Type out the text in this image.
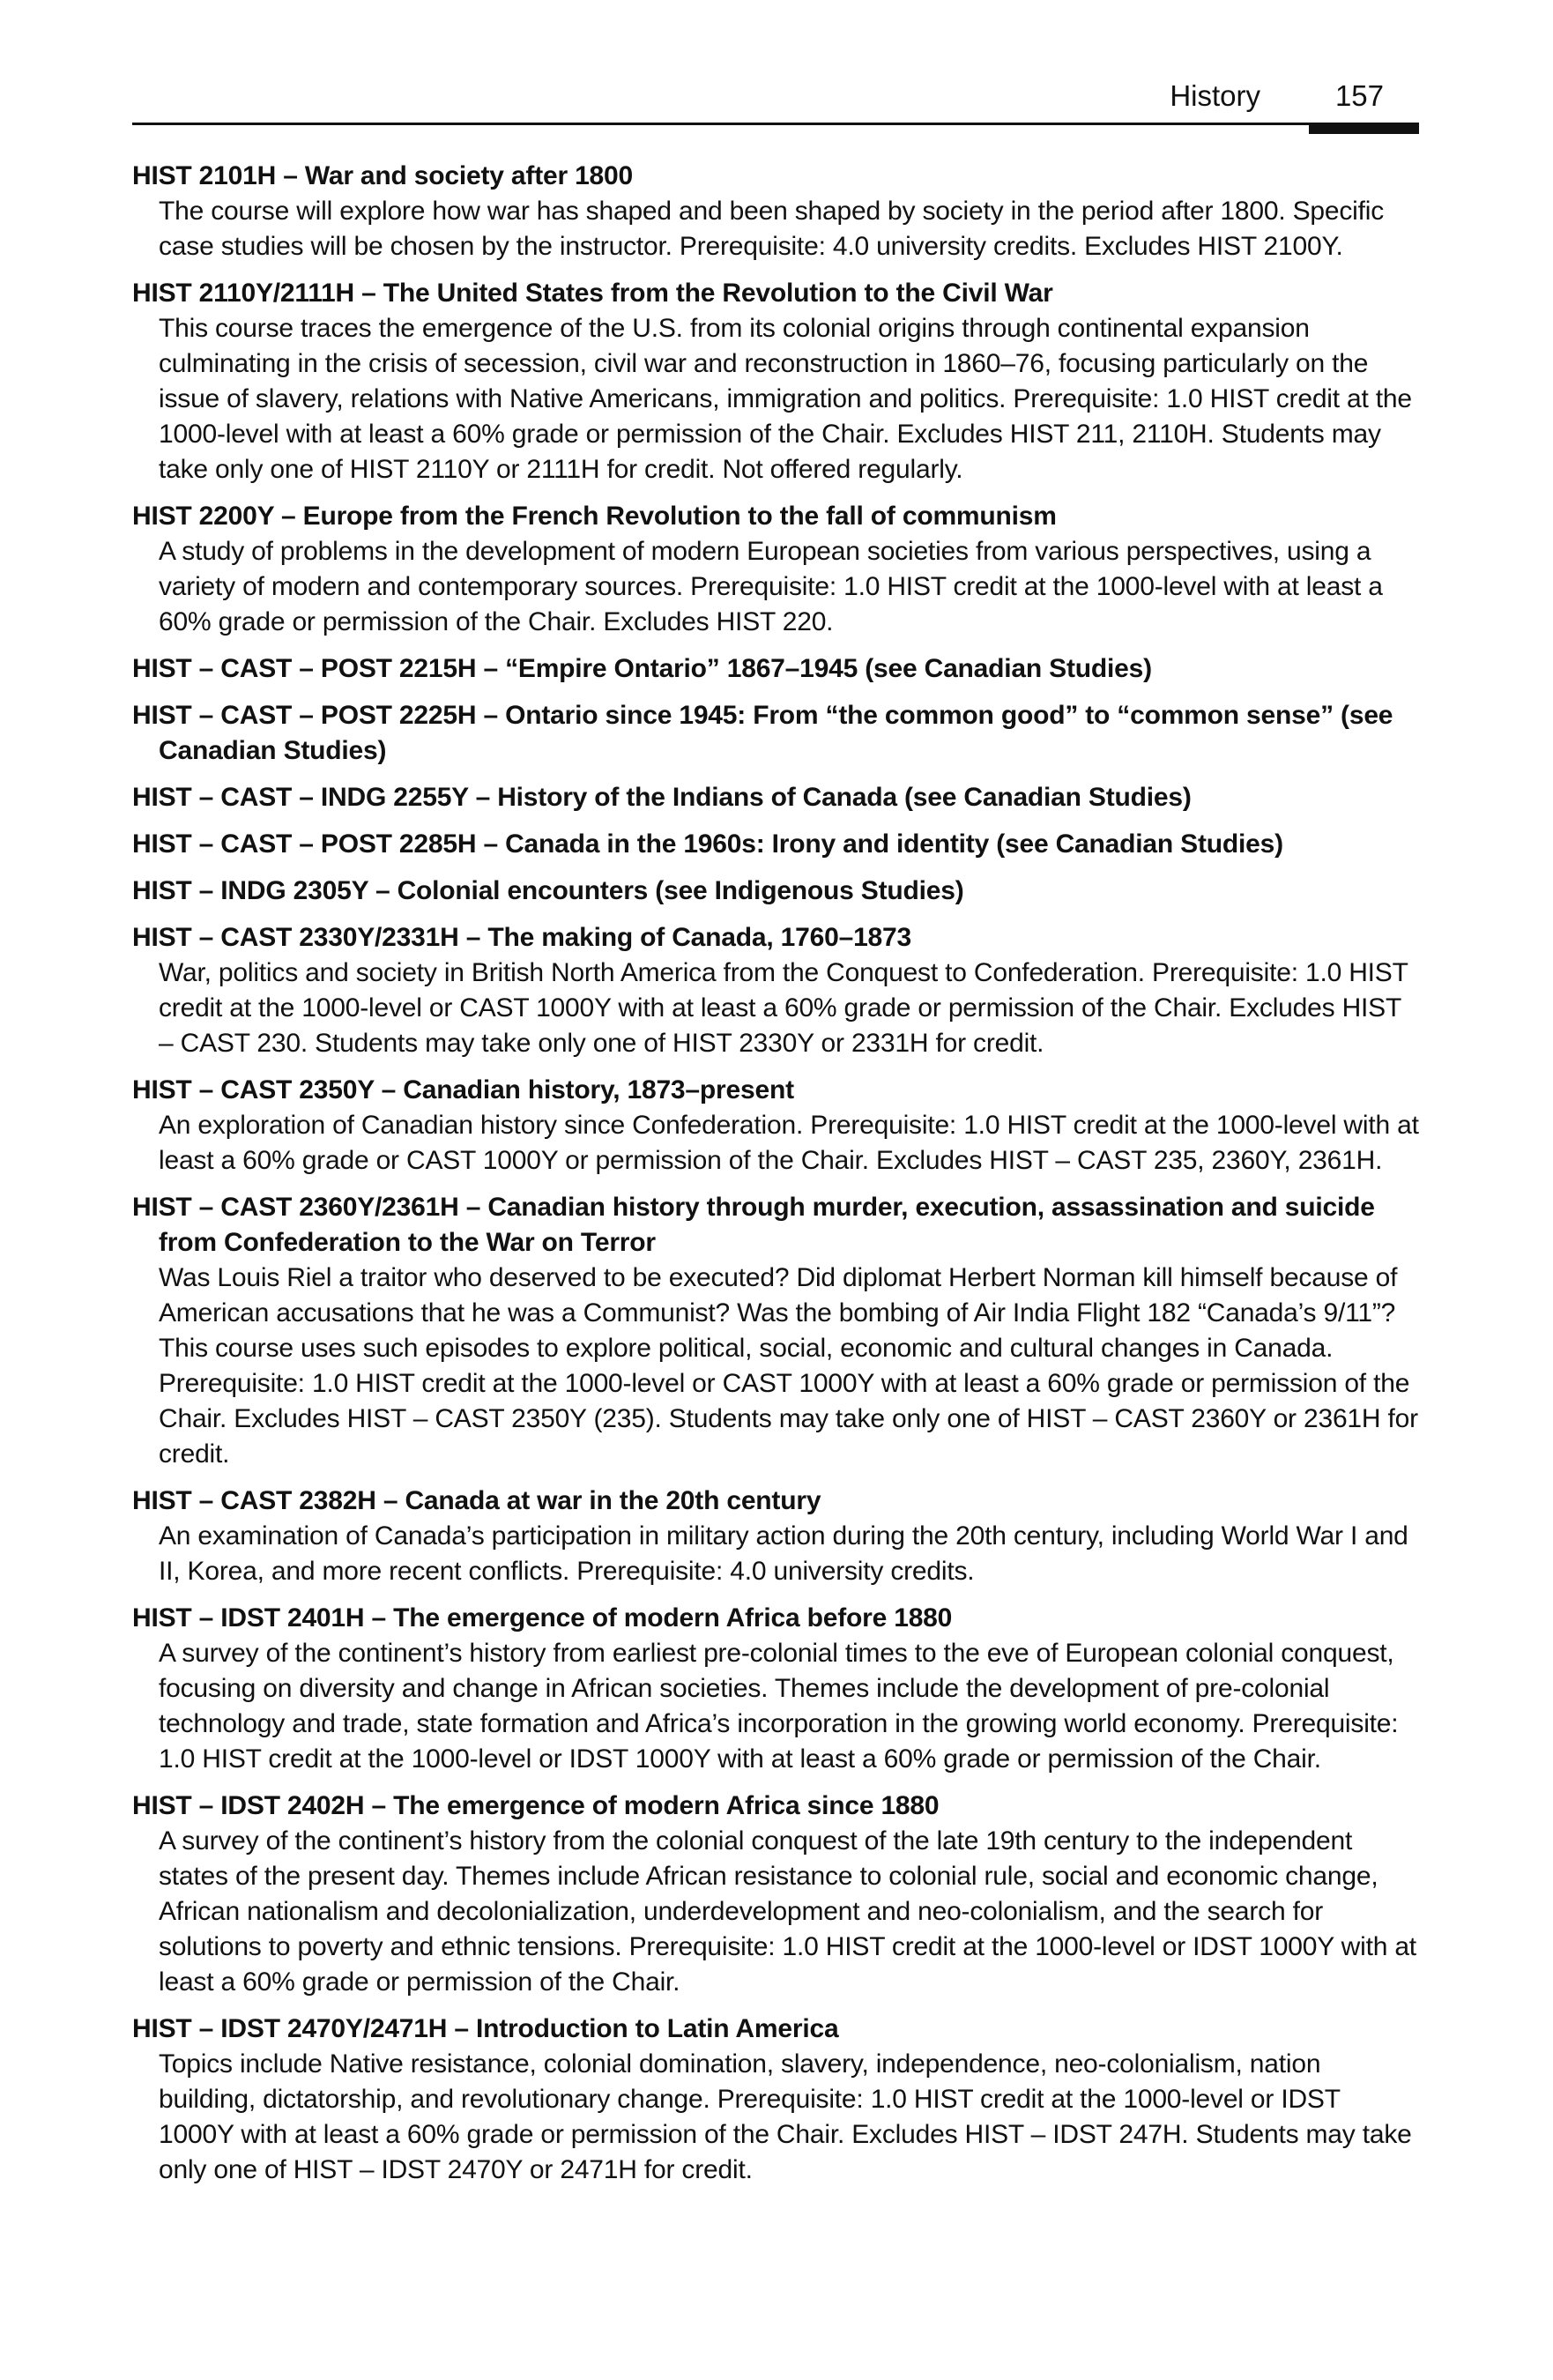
History	157
HIST 2101H – War and society after 1800
The course will explore how war has shaped and been shaped by society in the period after 1800. Specific case studies will be chosen by the instructor. Prerequisite: 4.0 university credits. Excludes HIST 2100Y.
HIST 2110Y/2111H – The United States from the Revolution to the Civil War
This course traces the emergence of the U.S. from its colonial origins through continental expansion culminating in the crisis of secession, civil war and reconstruction in 1860–76, focusing particularly on the issue of slavery, relations with Native Americans, immigration and politics. Prerequisite: 1.0 HIST credit at the 1000-level with at least a 60% grade or permission of the Chair. Excludes HIST 211, 2110H. Students may take only one of HIST 2110Y or 2111H for credit. Not offered regularly.
HIST 2200Y – Europe from the French Revolution to the fall of communism
A study of problems in the development of modern European societies from various perspectives, using a variety of modern and contemporary sources. Prerequisite: 1.0 HIST credit at the 1000-level with at least a 60% grade or permission of the Chair. Excludes HIST 220.
HIST – CAST – POST 2215H – “Empire Ontario” 1867–1945 (see Canadian Studies)
HIST – CAST – POST 2225H – Ontario since 1945: From “the common good” to “common sense” (see Canadian Studies)
HIST – CAST – INDG 2255Y – History of the Indians of Canada (see Canadian Studies)
HIST – CAST – POST 2285H – Canada in the 1960s: Irony and identity (see Canadian Studies)
HIST – INDG 2305Y – Colonial encounters (see Indigenous Studies)
HIST – CAST 2330Y/2331H – The making of Canada, 1760–1873
War, politics and society in British North America from the Conquest to Confederation. Prerequisite: 1.0 HIST credit at the 1000-level or CAST 1000Y with at least a 60% grade or permission of the Chair. Excludes HIST – CAST 230. Students may take only one of HIST 2330Y or 2331H for credit.
HIST – CAST 2350Y – Canadian history, 1873–present
An exploration of Canadian history since Confederation. Prerequisite: 1.0 HIST credit at the 1000-level with at least a 60% grade or CAST 1000Y or permission of the Chair. Excludes HIST – CAST 235, 2360Y, 2361H.
HIST – CAST 2360Y/2361H – Canadian history through murder, execution, assassination and suicide from Confederation to the War on Terror
Was Louis Riel a traitor who deserved to be executed? Did diplomat Herbert Norman kill himself because of American accusations that he was a Communist? Was the bombing of Air India Flight 182 “Canada’s 9/11”? This course uses such episodes to explore political, social, economic and cultural changes in Canada. Prerequisite: 1.0 HIST credit at the 1000-level or CAST 1000Y with at least a 60% grade or permission of the Chair. Excludes HIST – CAST 2350Y (235). Students may take only one of HIST – CAST 2360Y or 2361H for credit.
HIST – CAST 2382H – Canada at war in the 20th century
An examination of Canada’s participation in military action during the 20th century, including World War I and II, Korea, and more recent conflicts. Prerequisite: 4.0 university credits.
HIST – IDST 2401H – The emergence of modern Africa before 1880
A survey of the continent’s history from earliest pre-colonial times to the eve of European colonial conquest, focusing on diversity and change in African societies. Themes include the development of pre-colonial technology and trade, state formation and Africa’s incorporation in the growing world economy. Prerequisite: 1.0 HIST credit at the 1000-level or IDST 1000Y with at least a 60% grade or permission of the Chair.
HIST – IDST 2402H – The emergence of modern Africa since 1880
A survey of the continent’s history from the colonial conquest of the late 19th century to the independent states of the present day. Themes include African resistance to colonial rule, social and economic change, African nationalism and decolonialization, underdevelopment and neo-colonialism, and the search for solutions to poverty and ethnic tensions. Prerequisite: 1.0 HIST credit at the 1000-level or IDST 1000Y with at least a 60% grade or permission of the Chair.
HIST – IDST 2470Y/2471H – Introduction to Latin America
Topics include Native resistance, colonial domination, slavery, independence, neo-colonialism, nation building, dictatorship, and revolutionary change. Prerequisite: 1.0 HIST credit at the 1000-level or IDST 1000Y with at least a 60% grade or permission of the Chair. Excludes HIST – IDST 247H. Students may take only one of HIST – IDST 2470Y or 2471H for credit.
